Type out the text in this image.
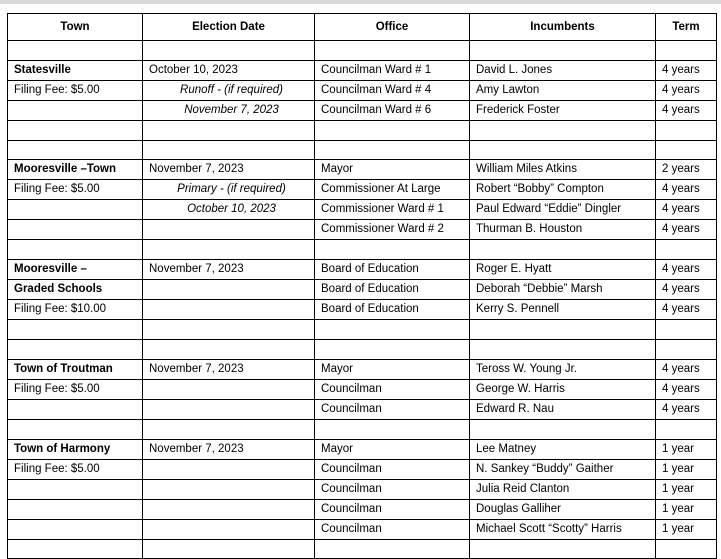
Town	Election Date	Office	Incumbents	Term

Statesville	October 10, 2023	Councilman Ward # 1	David L. Jones	4 years
Filing Fee: $5.00	Runoff - (if required)	Councilman Ward # 4	Amy Lawton	4 years
	November 7, 2023	Councilman Ward # 6	Frederick Foster	4 years

Mooresville –Town	November 7, 2023	Mayor	William Miles Atkins	2 years
Filing Fee: $5.00	Primary - (if required)	Commissioner At Large	Robert “Bobby” Compton	4 years
	October 10, 2023	Commissioner Ward # 1	Paul Edward “Eddie” Dingler	4 years
		Commissioner Ward # 2	Thurman B. Houston	4 years

Mooresville –	November 7, 2023	Board of Education	Roger E. Hyatt	4 years
Graded Schools		Board of Education	Deborah “Debbie” Marsh	4 years
Filing Fee: $10.00		Board of Education	Kerry S. Pennell	4 years

Town of Troutman	November 7, 2023	Mayor	Teross W. Young Jr.	4 years
Filing Fee: $5.00		Councilman	George W. Harris	4 years
		Councilman	Edward R. Nau	4 years

Town of Harmony	November 7, 2023	Mayor	Lee Matney	1 year
Filing Fee: $5.00		Councilman	N. Sankey “Buddy” Gaither	1 year
		Councilman	Julia Reid Clanton	1 year
		Councilman	Douglas Galliher	1 year
		Councilman	Michael Scott “Scotty” Harris	1 year
